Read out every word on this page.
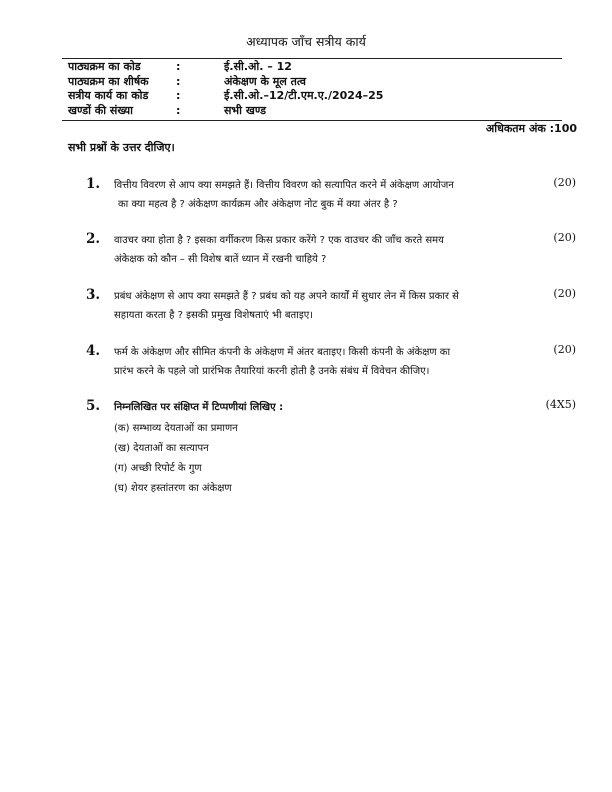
अध्यापक जाँच सत्रीय कार्य
पाठ्यक्रम का कोड	:	ई.सी.ओ. – 12
पाठ्यक्रम का शीर्षक	:	अंकेक्षण के मूल तत्व
सत्रीय कार्य का कोड	:	ई.सी.ओ.–12/टी.एम.ए./2024–25
खण्डों की संख्या	:	सभी खण्ड
अधिकतम अंक :100
सभी प्रश्नों के उत्तर दीजिए।
1. वित्तीय विवरण से आप क्या समझते हैं। वित्तीय विवरण को सत्यापित करने में अंकेक्षण आयोजन
का क्या महत्व है ? अंकेक्षण कार्यक्रम और अंकेक्षण नोट बुक में क्या अंतर है ?
(20)
2. वाउचर क्या होता है ? इसका वर्गीकरण किस प्रकार करेंगे ? एक वाउचर की जाँच करते समय
अंकेक्षक को कौन – सी विशेष बातें ध्यान में रखनी चाहिये ?
(20)
3. प्रबंध अंकेक्षण से आप क्या समझते हैं ? प्रबंध को यह अपने कार्यों में सुधार लेन में किस प्रकार से
सहायता करता है ? इसकी प्रमुख विशेषताएं भी बताइए।
(20)
4. फर्म के अंकेक्षण और सीमित कंपनी के अंकेक्षण में अंतर बताइए। किसी कंपनी के अंकेक्षण का
प्रारंभ करने के पहले जो प्रारंभिक तैयारियां करनी होती है उनके संबंध में विवेचन कीजिए।
(20)
5. निम्नलिखित पर संक्षिप्त में टिप्पणीयां लिखिए :	(4X5)
(क) सम्भाव्य देयताओं का प्रमाणन
(ख) देयताओं का सत्यापन
(ग) अच्छी रिपोर्ट के गुण
(घ) शेयर हस्तांतरण का अंकेक्षण
